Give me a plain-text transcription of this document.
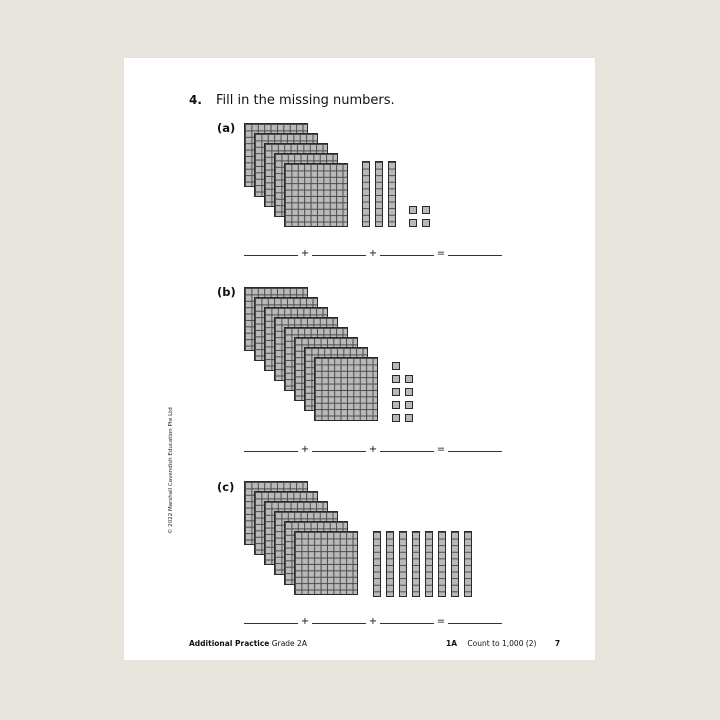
4. Fill in the missing numbers.
(a)
+	+	=
(b)
+	+	=
(c)
+	+	=
© 2022 Marshall Cavendish Education Pte Ltd
Additional Practice Grade 2A	1A Count to 1,000 (2) 7
